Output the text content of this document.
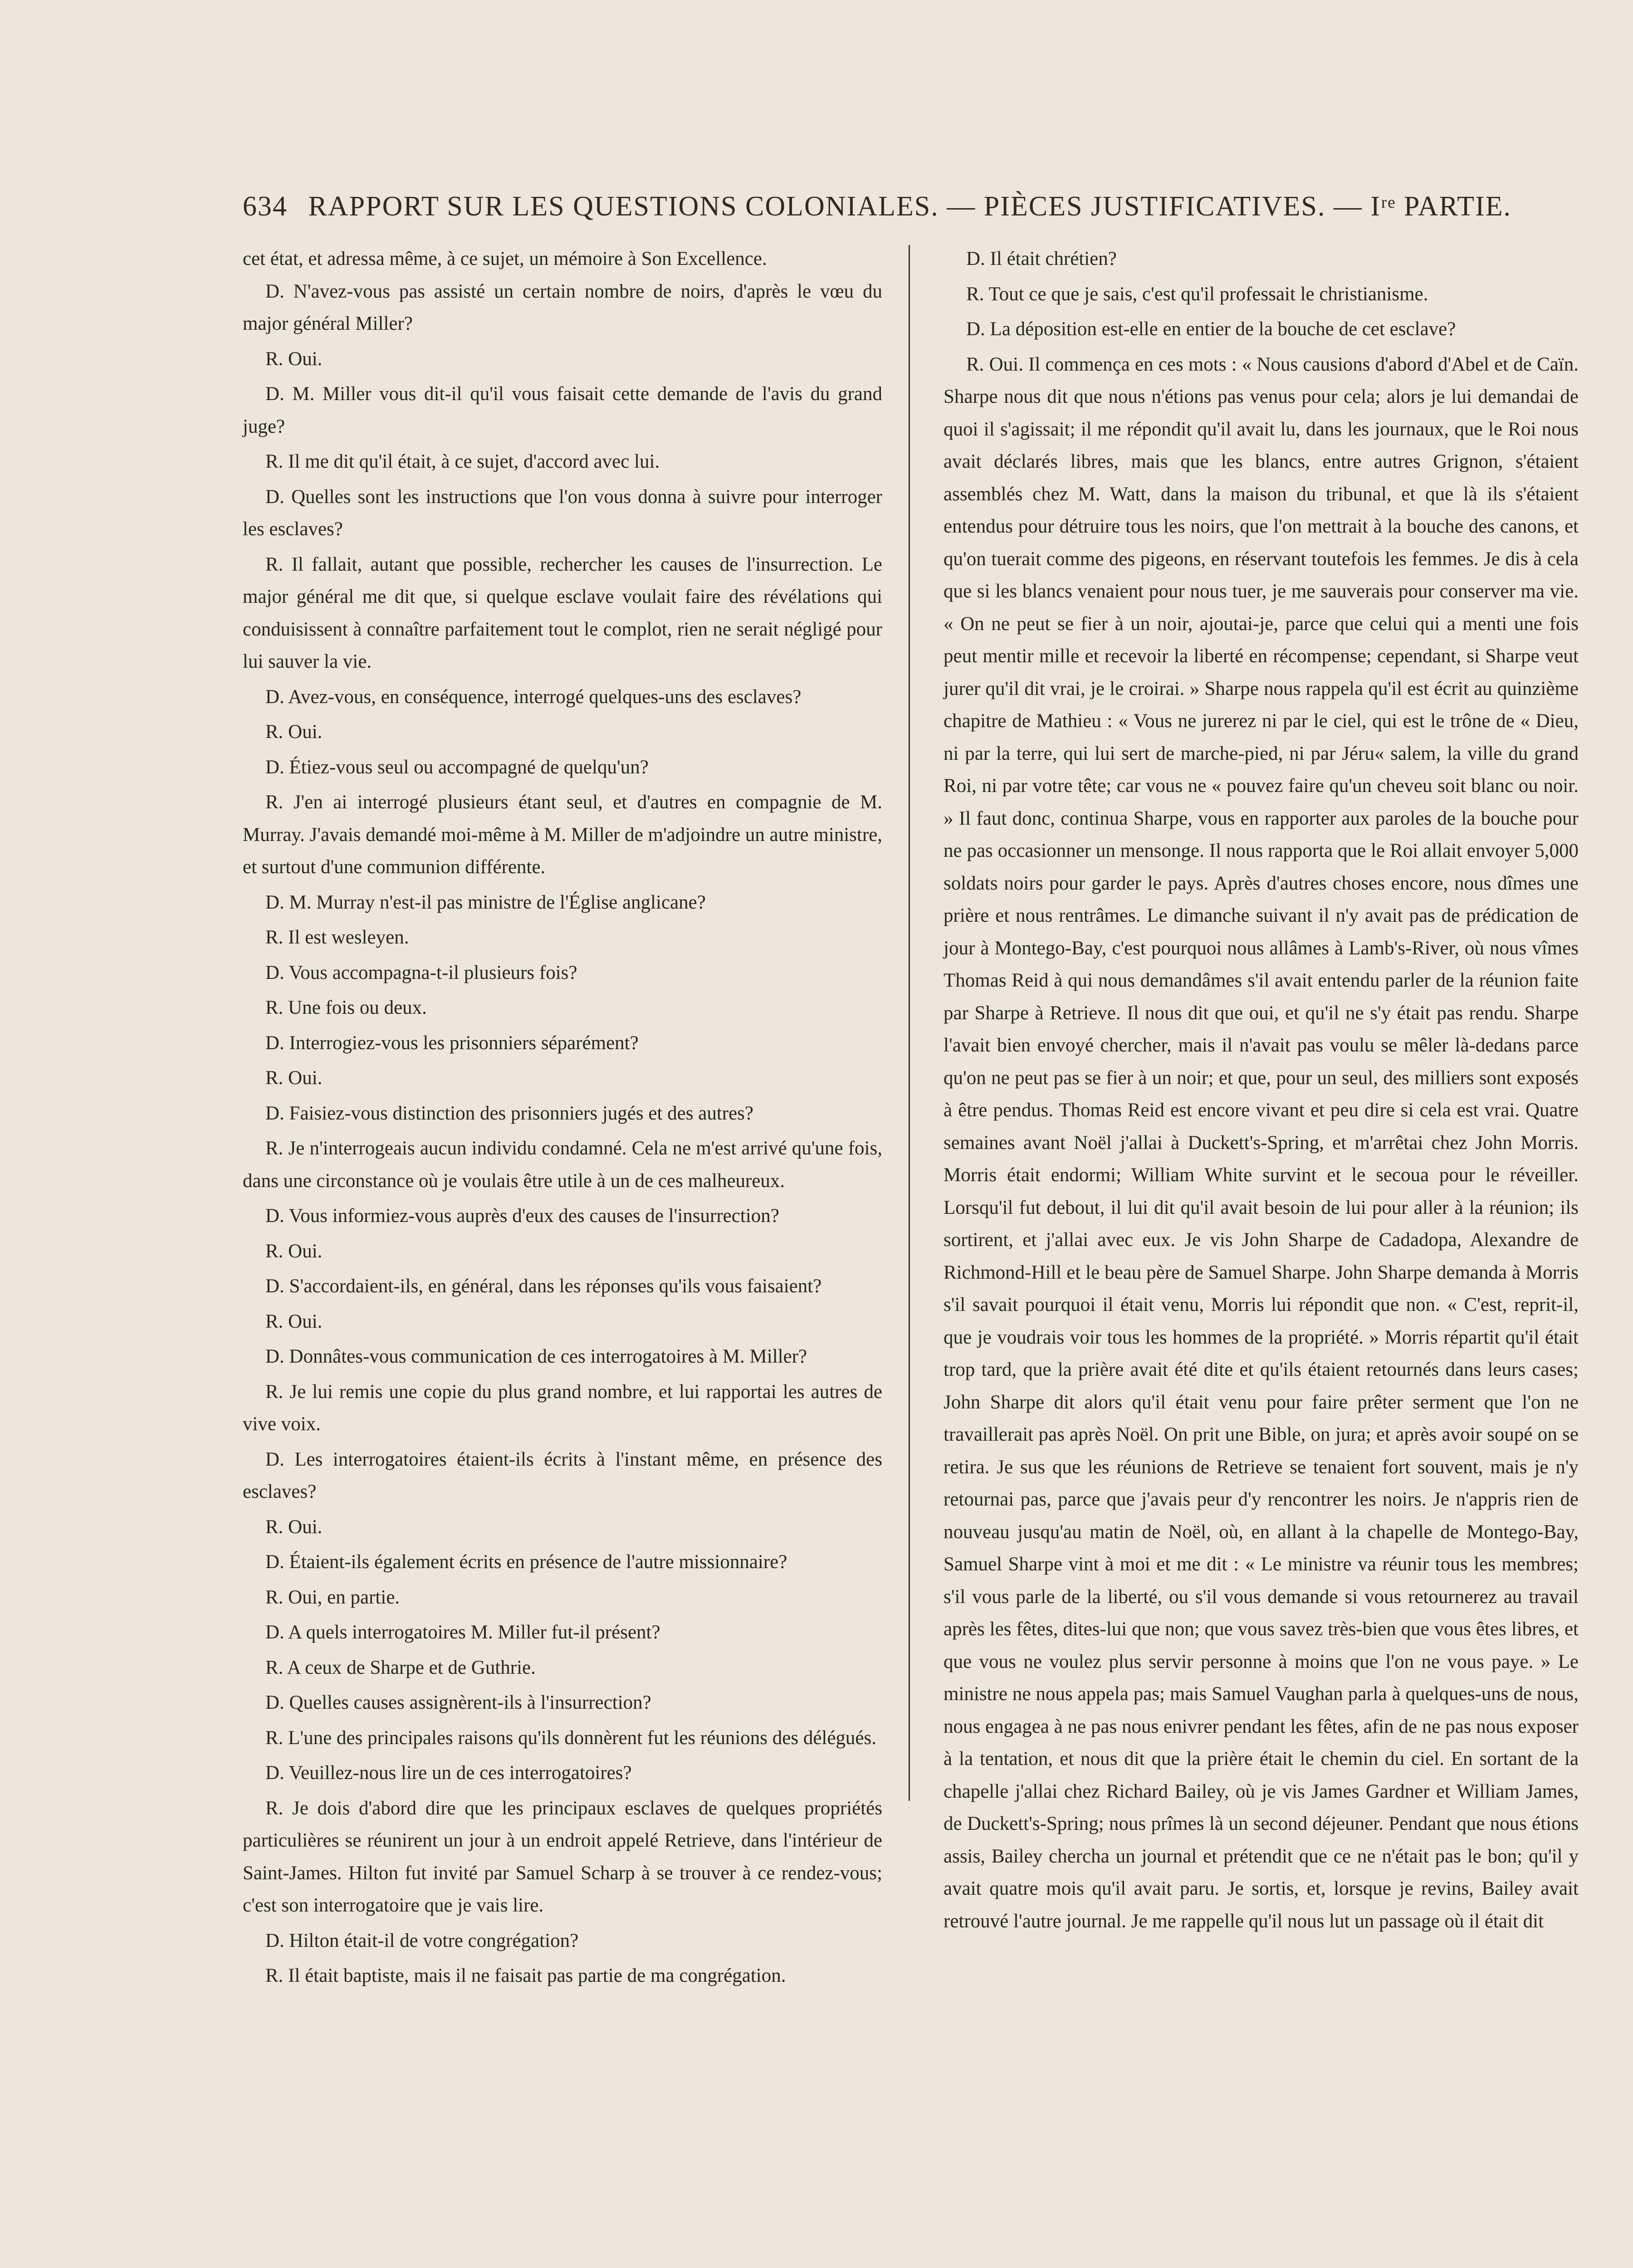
634 RAPPORT SUR LES QUESTIONS COLONIALES. — PIÈCES JUSTIFICATIVES. — Iʳᵉ PARTIE.

cet état, et adressa même, à ce sujet, un mémoire à Son Excellence.

D. N'avez-vous pas assisté un certain nombre de noirs, d'après le vœu du major général Miller?

R. Oui.

D. M. Miller vous dit-il qu'il vous faisait cette demande de l'avis du grand juge?

R. Il me dit qu'il était, à ce sujet, d'accord avec lui.

D. Quelles sont les instructions que l'on vous donna à suivre pour interroger les esclaves?

R. Il fallait, autant que possible, rechercher les causes de l'insurrection. Le major général me dit que, si quelque esclave voulait faire des révélations qui conduisissent à connaître parfaitement tout le complot, rien ne serait négligé pour lui sauver la vie.

D. Avez-vous, en conséquence, interrogé quelques-uns des esclaves?

R. Oui.

D. Étiez-vous seul ou accompagné de quelqu'un?

R. J'en ai interrogé plusieurs étant seul, et d'autres en compagnie de M. Murray. J'avais demandé moi-même à M. Miller de m'adjoindre un autre ministre, et surtout d'une communion différente.

D. M. Murray n'est-il pas ministre de l'Église anglicane?

R. Il est wesleyen.

D. Vous accompagna-t-il plusieurs fois?

R. Une fois ou deux.

D. Interrogiez-vous les prisonniers séparément?

R. Oui.

D. Faisiez-vous distinction des prisonniers jugés et des autres?

R. Je n'interrogeais aucun individu condamné. Cela ne m'est arrivé qu'une fois, dans une circonstance où je voulais être utile à un de ces malheureux.

D. Vous informiez-vous auprès d'eux des causes de l'insurrection?

R. Oui.

D. S'accordaient-ils, en général, dans les réponses qu'ils vous faisaient?

R. Oui.

D. Donnâtes-vous communication de ces interrogatoires à M. Miller?

R. Je lui remis une copie du plus grand nombre, et lui rapportai les autres de vive voix.

D. Les interrogatoires étaient-ils écrits à l'instant même, en présence des esclaves?

R. Oui.

D. Étaient-ils également écrits en présence de l'autre missionnaire?

R. Oui, en partie.

D. A quels interrogatoires M. Miller fut-il présent?

R. A ceux de Sharpe et de Guthrie.

D. Quelles causes assignèrent-ils à l'insurrection?

R. L'une des principales raisons qu'ils donnèrent fut les réunions des délégués.

D. Veuillez-nous lire un de ces interrogatoires?

R. Je dois d'abord dire que les principaux esclaves de quelques propriétés particulières se réunirent un jour à un endroit appelé Retrieve, dans l'intérieur de Saint-James. Hilton fut invité par Samuel Scharp à se trouver à ce rendez-vous; c'est son interrogatoire que je vais lire.

D. Hilton était-il de votre congrégation?

R. Il était baptiste, mais il ne faisait pas partie de ma congrégation.

D. Il était chrétien?

R. Tout ce que je sais, c'est qu'il professait le christianisme.

D. La déposition est-elle en entier de la bouche de cet esclave?

R. Oui. Il commença en ces mots : « Nous causions d'abord d'Abel et de Caïn. Sharpe nous dit que nous n'étions pas venus pour cela; alors je lui demandai de quoi il s'agissait; il me répondit qu'il avait lu, dans les journaux, que le Roi nous avait déclarés libres, mais que les blancs, entre autres Grignon, s'étaient assemblés chez M. Watt, dans la maison du tribunal, et que là ils s'étaient entendus pour détruire tous les noirs, que l'on mettrait à la bouche des canons, et qu'on tuerait comme des pigeons, en réservant toutefois les femmes. Je dis à cela que si les blancs venaient pour nous tuer, je me sauverais pour conserver ma vie. « On ne peut se fier à un noir, ajoutai-je, parce que celui qui a menti une fois peut mentir mille et recevoir la liberté en récompense; cependant, si Sharpe veut jurer qu'il dit vrai, je le croirai. » Sharpe nous rappela qu'il est écrit au quinzième chapitre de Mathieu : « Vous ne jurerez ni par le ciel, qui est le trône de « Dieu, ni par la terre, qui lui sert de marche-pied, ni par Jéru« salem, la ville du grand Roi, ni par votre tête; car vous ne « pouvez faire qu'un cheveu soit blanc ou noir. » Il faut donc, continua Sharpe, vous en rapporter aux paroles de la bouche pour ne pas occasionner un mensonge. Il nous rapporta que le Roi allait envoyer 5,000 soldats noirs pour garder le pays. Après d'autres choses encore, nous dîmes une prière et nous rentrâmes. Le dimanche suivant il n'y avait pas de prédication de jour à Montego-Bay, c'est pourquoi nous allâmes à Lamb's-River, où nous vîmes Thomas Reid à qui nous demandâmes s'il avait entendu parler de la réunion faite par Sharpe à Retrieve. Il nous dit que oui, et qu'il ne s'y était pas rendu. Sharpe l'avait bien envoyé chercher, mais il n'avait pas voulu se mêler là-dedans parce qu'on ne peut pas se fier à un noir; et que, pour un seul, des milliers sont exposés à être pendus. Thomas Reid est encore vivant et peu dire si cela est vrai. Quatre semaines avant Noël j'allai à Duckett's-Spring, et m'arrêtai chez John Morris. Morris était endormi; William White survint et le secoua pour le réveiller. Lorsqu'il fut debout, il lui dit qu'il avait besoin de lui pour aller à la réunion; ils sortirent, et j'allai avec eux. Je vis John Sharpe de Cadadopa, Alexandre de Richmond-Hill et le beau père de Samuel Sharpe. John Sharpe demanda à Morris s'il savait pourquoi il était venu, Morris lui répondit que non. « C'est, reprit-il, que je voudrais voir tous les hommes de la propriété. » Morris répartit qu'il était trop tard, que la prière avait été dite et qu'ils étaient retournés dans leurs cases; John Sharpe dit alors qu'il était venu pour faire prêter serment que l'on ne travaillerait pas après Noël. On prit une Bible, on jura; et après avoir soupé on se retira. Je sus que les réunions de Retrieve se tenaient fort souvent, mais je n'y retournai pas, parce que j'avais peur d'y rencontrer les noirs. Je n'appris rien de nouveau jusqu'au matin de Noël, où, en allant à la chapelle de Montego-Bay, Samuel Sharpe vint à moi et me dit : « Le ministre va réunir tous les membres; s'il vous parle de la liberté, ou s'il vous demande si vous retournerez au travail après les fêtes, dites-lui que non; que vous savez très-bien que vous êtes libres, et que vous ne voulez plus servir personne à moins que l'on ne vous paye. » Le ministre ne nous appela pas; mais Samuel Vaughan parla à quelques-uns de nous, nous engagea à ne pas nous enivrer pendant les fêtes, afin de ne pas nous exposer à la tentation, et nous dit que la prière était le chemin du ciel. En sortant de la chapelle j'allai chez Richard Bailey, où je vis James Gardner et William James, de Duckett's-Spring; nous prîmes là un second déjeuner. Pendant que nous étions assis, Bailey chercha un journal et prétendit que ce ne n'était pas le bon; qu'il y avait quatre mois qu'il avait paru. Je sortis, et, lorsque je revins, Bailey avait retrouvé l'autre journal. Je me rappelle qu'il nous lut un passage où il était dit
